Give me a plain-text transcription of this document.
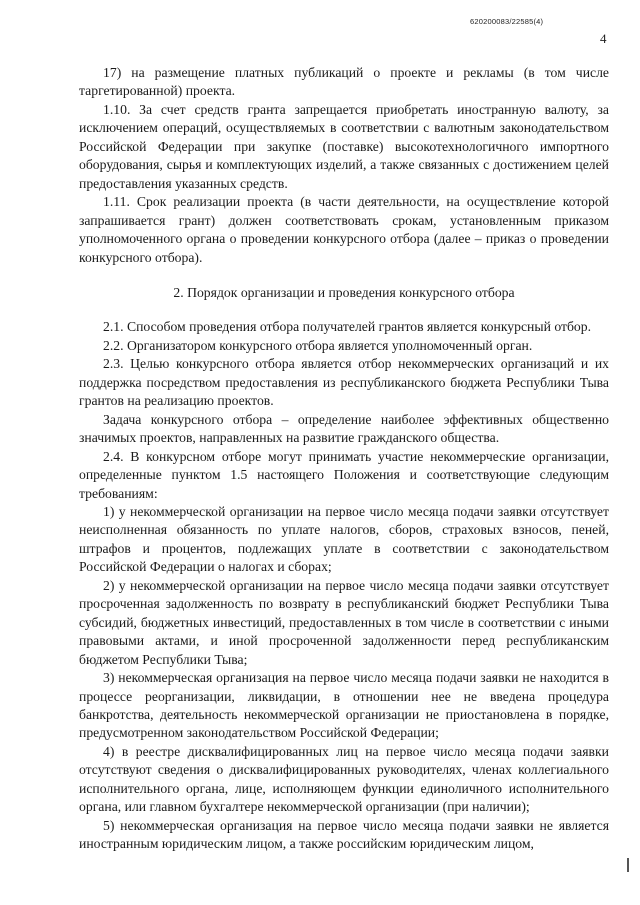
620200083/22585(4)
4

17) на размещение платных публикаций о проекте и рекламы (в том числе таргетированной) проекта.

1.10. За счет средств гранта запрещается приобретать иностранную валюту, за исключением операций, осуществляемых в соответствии с валютным законодательством Российской Федерации при закупке (поставке) высокотехнологичного импортного оборудования, сырья и комплектующих изделий, а также связанных с достижением целей предоставления указанных средств.

1.11. Срок реализации проекта (в части деятельности, на осуществление которой запрашивается грант) должен соответствовать срокам, установленным приказом уполномоченного органа о проведении конкурсного отбора (далее – приказ о проведении конкурсного отбора).

2. Порядок организации и проведения конкурсного отбора

2.1. Способом проведения отбора получателей грантов является конкурсный отбор.

2.2. Организатором конкурсного отбора является уполномоченный орган.

2.3. Целью конкурсного отбора является отбор некоммерческих организаций и их поддержка посредством предоставления из республиканского бюджета Республики Тыва грантов на реализацию проектов.

Задача конкурсного отбора – определение наиболее эффективных общественно значимых проектов, направленных на развитие гражданского общества.

2.4. В конкурсном отборе могут принимать участие некоммерческие организации, определенные пунктом 1.5 настоящего Положения и соответствующие следующим требованиям:

1) у некоммерческой организации на первое число месяца подачи заявки отсутствует неисполненная обязанность по уплате налогов, сборов, страховых взносов, пеней, штрафов и процентов, подлежащих уплате в соответствии с законодательством Российской Федерации о налогах и сборах;

2) у некоммерческой организации на первое число месяца подачи заявки отсутствует просроченная задолженность по возврату в республиканский бюджет Республики Тыва субсидий, бюджетных инвестиций, предоставленных в том числе в соответствии с иными правовыми актами, и иной просроченной задолженности перед республиканским бюджетом Республики Тыва;

3) некоммерческая организация на первое число месяца подачи заявки не находится в процессе реорганизации, ликвидации, в отношении нее не введена процедура банкротства, деятельность некоммерческой организации не приостановлена в порядке, предусмотренном законодательством Российской Федерации;

4) в реестре дисквалифицированных лиц на первое число месяца подачи заявки отсутствуют сведения о дисквалифицированных руководителях, членах коллегиального исполнительного органа, лице, исполняющем функции единоличного исполнительного органа, или главном бухгалтере некоммерческой организации (при наличии);

5) некоммерческая организация на первое число месяца подачи заявки не является иностранным юридическим лицом, а также российским юридическим лицом,
